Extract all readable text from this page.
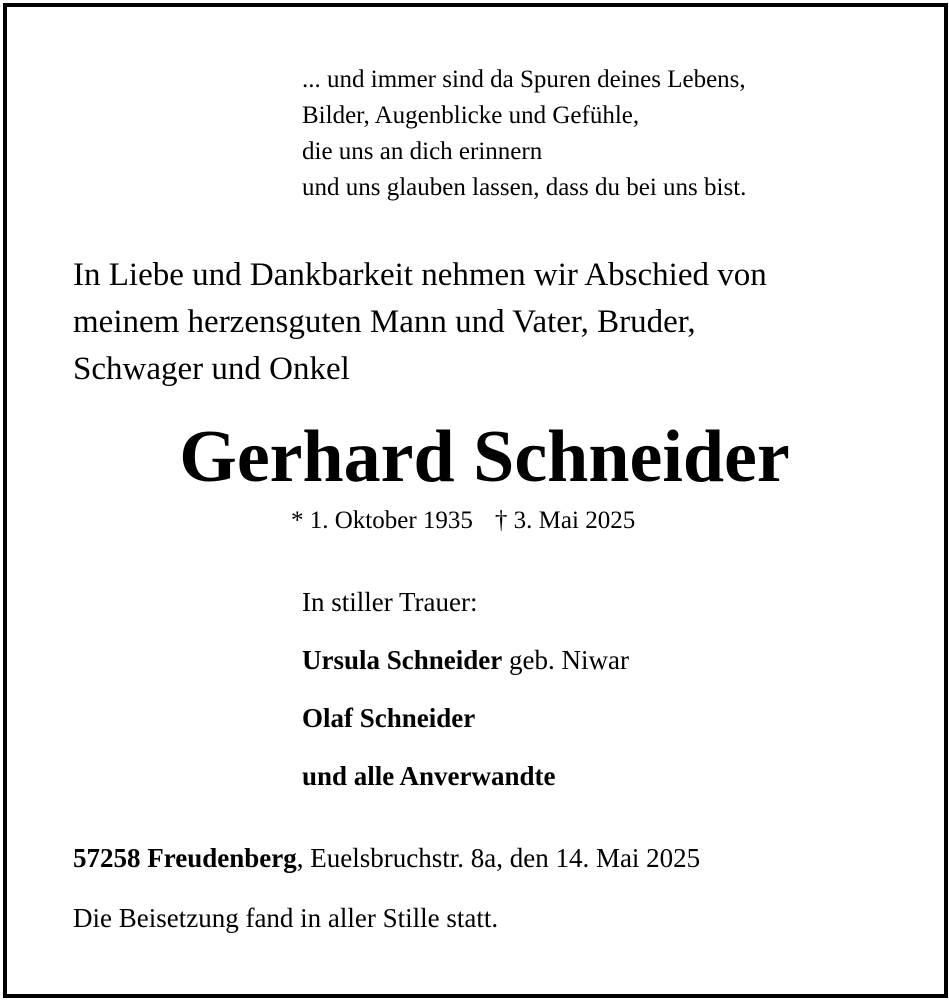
... und immer sind da Spuren deines Lebens,
Bilder, Augenblicke und Gefühle,
die uns an dich erinnern
und uns glauben lassen, dass du bei uns bist.
In Liebe und Dankbarkeit nehmen wir Abschied von
meinem herzensguten Mann und Vater, Bruder,
Schwager und Onkel
Gerhard Schneider
* 1. Oktober 1935 † 3. Mai 2025
In stiller Trauer:
Ursula Schneider geb. Niwar
Olaf Schneider
und alle Anverwandte
57258 Freudenberg, Euelsbruchstr. 8a, den 14. Mai 2025
Die Beisetzung fand in aller Stille statt.
